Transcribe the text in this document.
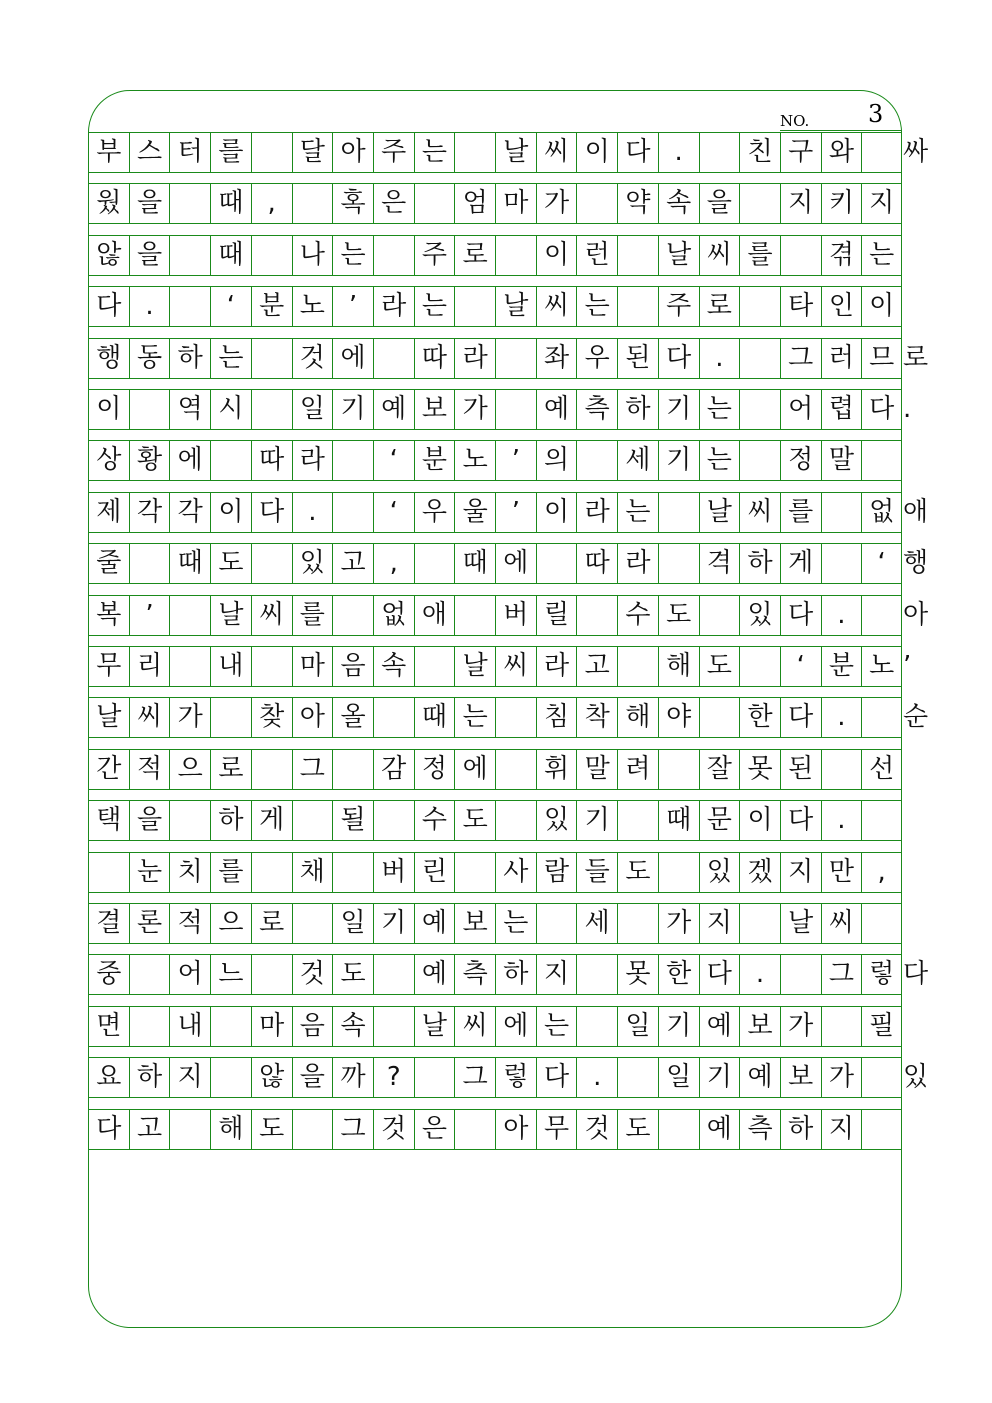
NO. 3
부 스 터 를	달 아 주 는	날 씨 이 다 .	친 구 와 싸
웠 을	때 ,	혹 은	엄 마 가	약 속 을	지 키 지
않 을	때	나 는	주 로	이 런	날 씨 를	겪 는
다 .	‘ 분 노 ’ 라 는	날 씨 는	주 로	타 인 이
행 동 하 는	것 에	따 라	좌 우 된 다 .	그 러 므 로
이	역 시	일 기 예 보 가	예 측 하 기 는	어 렵 다 .
상 황 에	따 라	‘ 분 노 ’ 의	세 기 는	정 말
제 각 각 이 다 .	‘ 우 울 ’ 이 라 는	날 씨 를 없 애
줄	때 도	있 고 ,	때 에	따 라	격 하 게	‘ 행
복 ’	날 씨 를	없 애	버 릴	수 도	있 다 .	아
무 리	내	마 음 속	날 씨 라 고	해 도	‘ 분 노 ’
날 씨 가	찾 아 올	때 는	침 착 해 야	한 다 .	순
간 적 으 로	그	감 정 에	휘 말 려	잘 못 된 선
택 을	하 게	될	수 도	있 기	때 문 이 다 .
눈 치 를	채	버 린	사 람 들 도	있 겠 지 만 ,
결 론 적 으 로	일 기 예 보 는	세	가 지	날 씨
중	어 느	것 도	예 측 하 지	못 한 다 .	그 렇 다
면	내	마 음 속	날 씨 에 는	일 기 예 보 가 필
요 하 지	않 을 까 ?	그 렇 다 .	일 기 예 보 가 있
다 고	해 도	그 것 은	아 무 것 도	예 측 하 지
